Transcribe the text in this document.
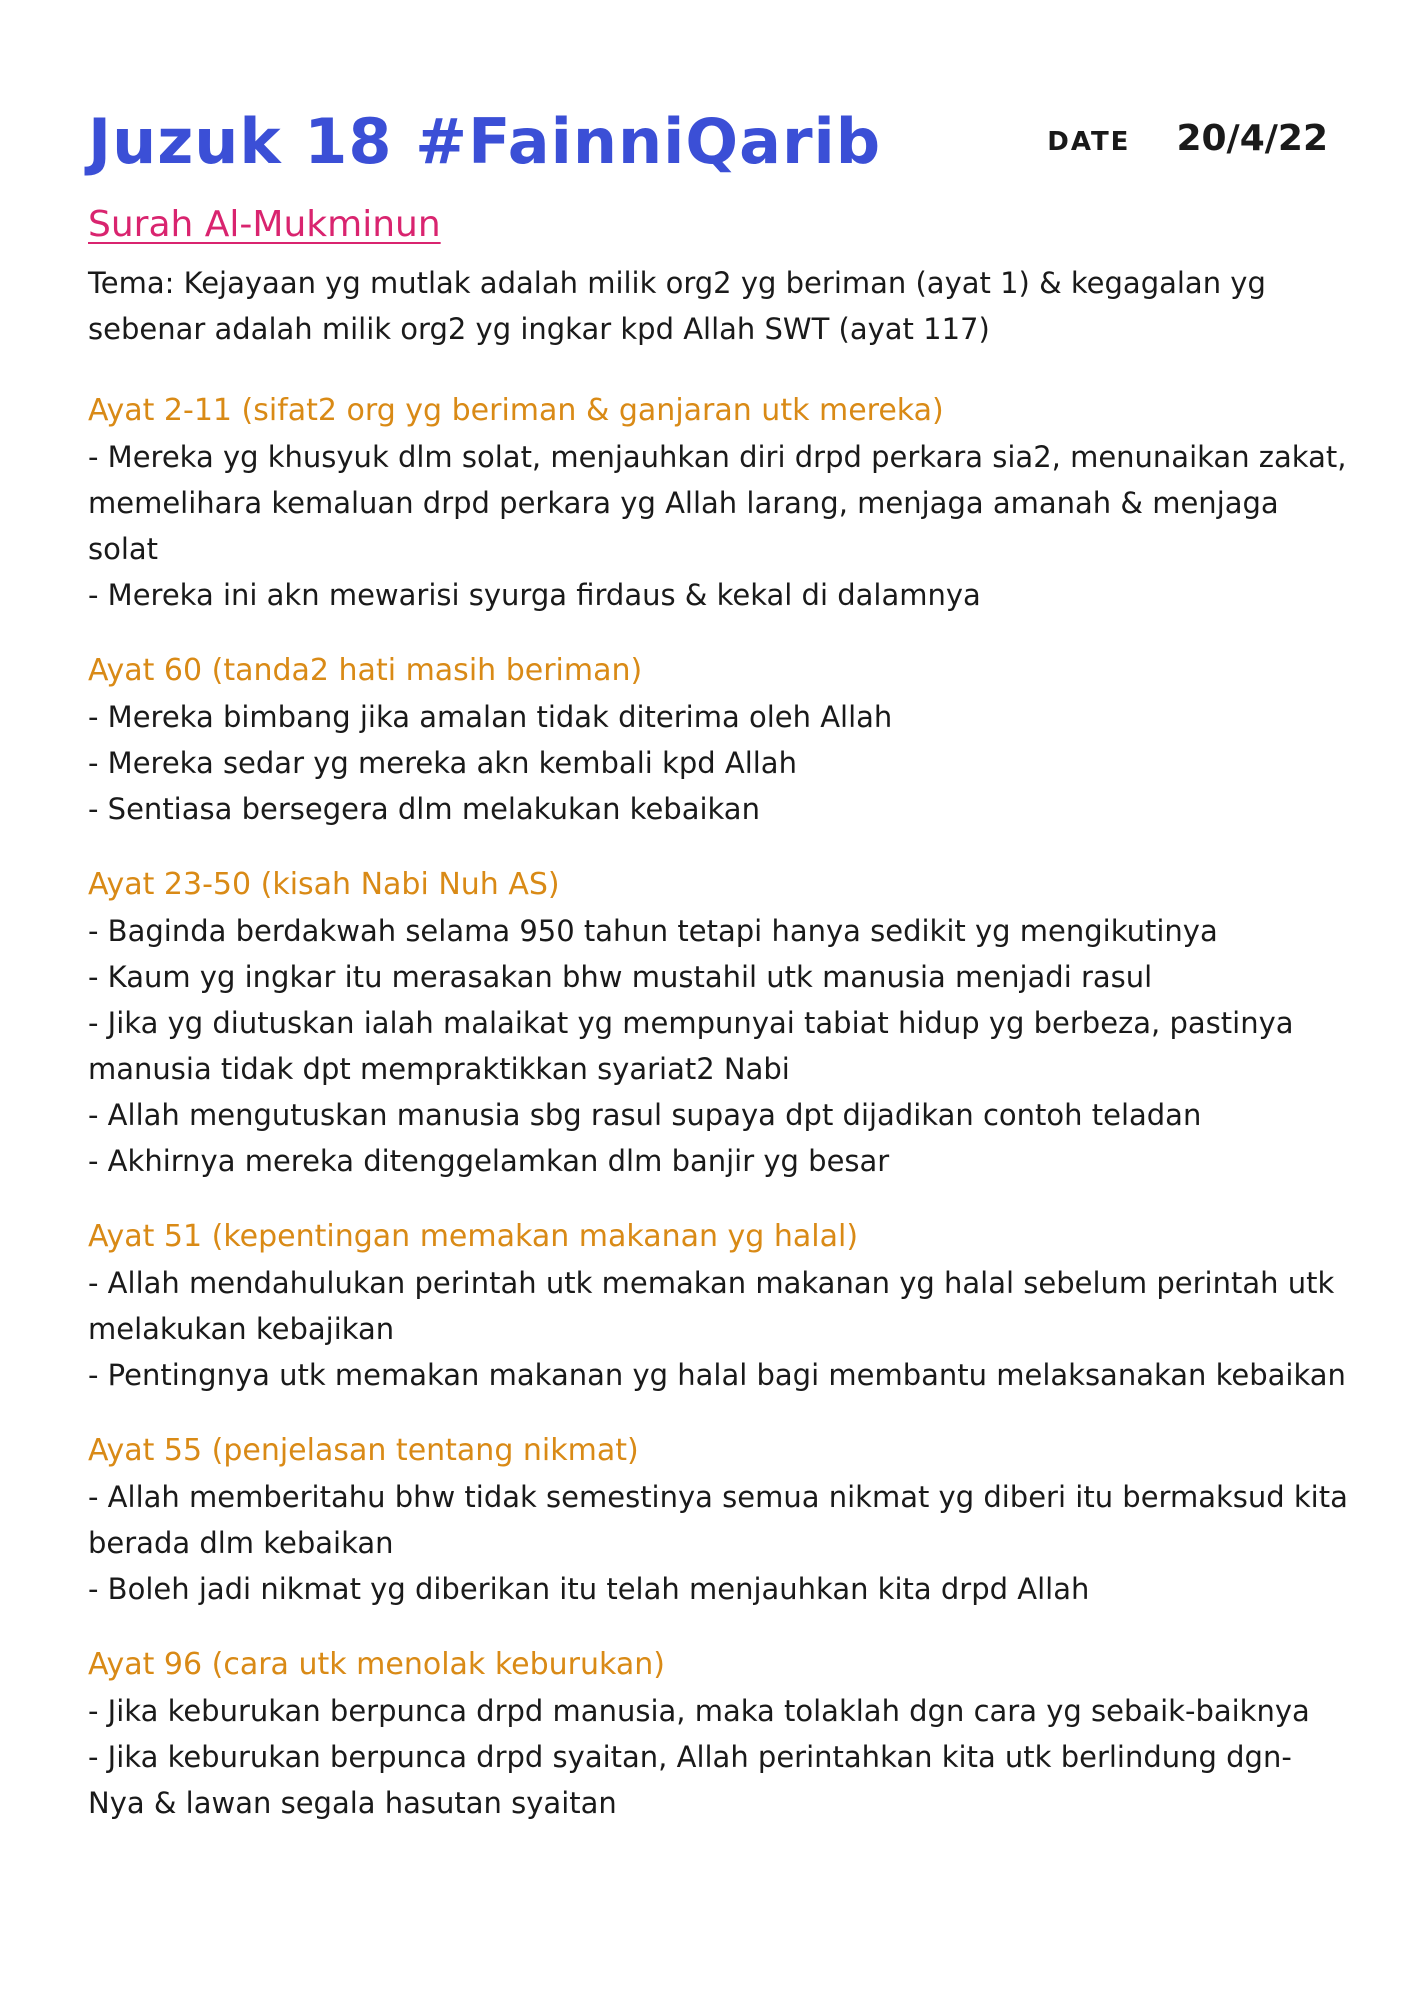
Juzuk 18 #FainniQarib	DATE 20/4/22
Surah Al-Mukminun
Tema: Kejayaan yg mutlak adalah milik org2 yg beriman (ayat 1) & kegagalan yg sebenar adalah milik org2 yg ingkar kpd Allah SWT (ayat 117)
Ayat 2-11 (sifat2 org yg beriman & ganjaran utk mereka)
- Mereka yg khusyuk dlm solat, menjauhkan diri drpd perkara sia2, menunaikan zakat, memelihara kemaluan drpd perkara yg Allah larang, menjaga amanah & menjaga solat
- Mereka ini akn mewarisi syurga firdaus & kekal di dalamnya
Ayat 60 (tanda2 hati masih beriman)
- Mereka bimbang jika amalan tidak diterima oleh Allah
- Mereka sedar yg mereka akn kembali kpd Allah
- Sentiasa bersegera dlm melakukan kebaikan
Ayat 23-50 (kisah Nabi Nuh AS)
- Baginda berdakwah selama 950 tahun tetapi hanya sedikit yg mengikutinya
- Kaum yg ingkar itu merasakan bhw mustahil utk manusia menjadi rasul
- Jika yg diutuskan ialah malaikat yg mempunyai tabiat hidup yg berbeza, pastinya manusia tidak dpt mempraktikkan syariat2 Nabi
- Allah mengutuskan manusia sbg rasul supaya dpt dijadikan contoh teladan
- Akhirnya mereka ditenggelamkan dlm banjir yg besar
Ayat 51 (kepentingan memakan makanan yg halal)
- Allah mendahulukan perintah utk memakan makanan yg halal sebelum perintah utk melakukan kebajikan
- Pentingnya utk memakan makanan yg halal bagi membantu melaksanakan kebaikan
Ayat 55 (penjelasan tentang nikmat)
- Allah memberitahu bhw tidak semestinya semua nikmat yg diberi itu bermaksud kita berada dlm kebaikan
- Boleh jadi nikmat yg diberikan itu telah menjauhkan kita drpd Allah
Ayat 96 (cara utk menolak keburukan)
- Jika keburukan berpunca drpd manusia, maka tolaklah dgn cara yg sebaik-baiknya
- Jika keburukan berpunca drpd syaitan, Allah perintahkan kita utk berlindung dgn-Nya & lawan segala hasutan syaitan
